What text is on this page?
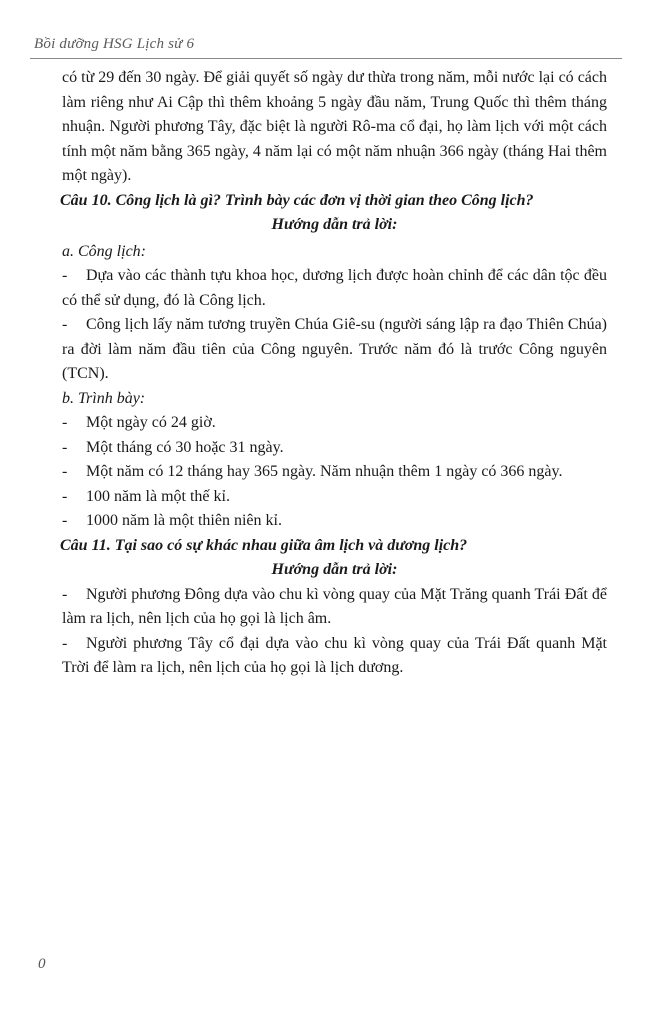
Bồi dưỡng HSG Lịch sử 6

có từ 29 đến 30 ngày. Để giải quyết số ngày dư thừa trong năm, mỗi nước lại có cách làm riêng như Ai Cập thì thêm khoảng 5 ngày đầu năm, Trung Quốc thì thêm tháng nhuận. Người phương Tây, đặc biệt là người Rô-ma cổ đại, họ làm lịch với một cách tính một năm bằng 365 ngày, 4 năm lại có một năm nhuận 366 ngày (tháng Hai thêm một ngày).

Câu 10. Công lịch là gì? Trình bày các đơn vị thời gian theo Công lịch?

Hướng dẫn trả lời:

a. Công lịch:

- Dựa vào các thành tựu khoa học, dương lịch được hoàn chỉnh để các dân tộc đều có thể sử dụng, đó là Công lịch.

- Công lịch lấy năm tương truyền Chúa Giê-su (người sáng lập ra đạo Thiên Chúa) ra đời làm năm đầu tiên của Công nguyên. Trước năm đó là trước Công nguyên (TCN).

b. Trình bày:

- Một ngày có 24 giờ.

- Một tháng có 30 hoặc 31 ngày.

- Một năm có 12 tháng hay 365 ngày. Năm nhuận thêm 1 ngày có 366 ngày.

- 100 năm là một thế kỉ.

- 1000 năm là một thiên niên kỉ.

Câu 11. Tại sao có sự khác nhau giữa âm lịch và dương lịch?

Hướng dẫn trả lời:

- Người phương Đông dựa vào chu kì vòng quay của Mặt Trăng quanh Trái Đất để làm ra lịch, nên lịch của họ gọi là lịch âm.

- Người phương Tây cổ đại dựa vào chu kì vòng quay của Trái Đất quanh Mặt Trời để làm ra lịch, nên lịch của họ gọi là lịch dương.

0
